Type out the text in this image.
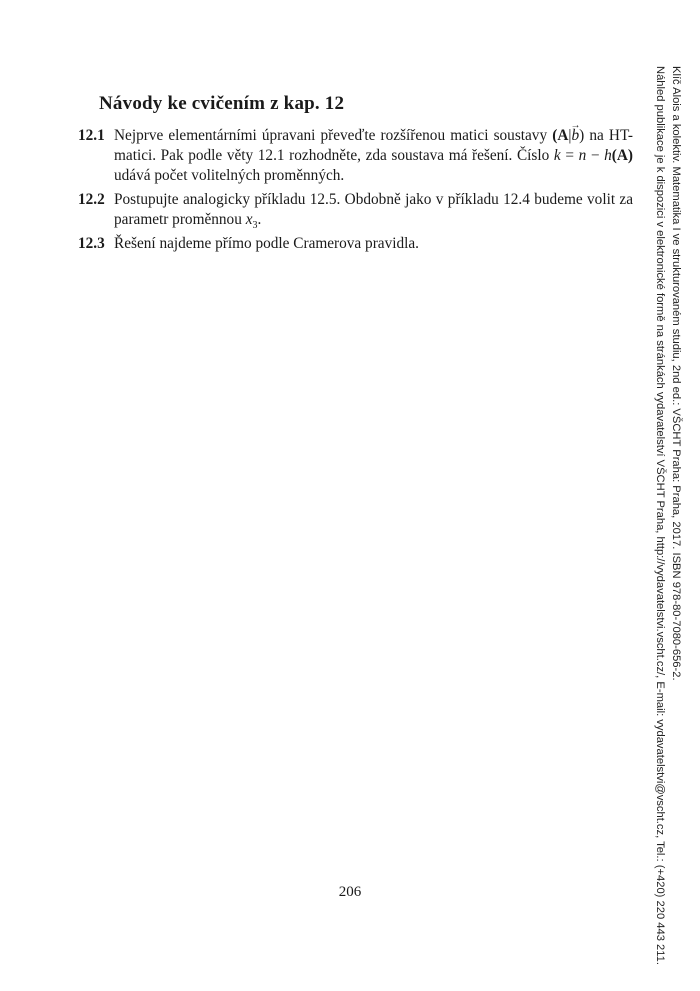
Návody ke cvičením z kap. 12
12.1 Nejprve elementárními úpravani převeďte rozšířenou matici soustavy (A|→ b) na HT-matici. Pak podle věty 12.1 rozhodněte, zda soustava má řešení. Číslo k = n − h(A) udává počet volitelných proměnných.
12.2 Postupujte analogicky příkladu 12.5. Obdobně jako v příkladu 12.4 budeme volit za parametr proměnnou $x_3$.
12.3 Řešení najdeme přímo podle Cramerova pravidla.
206
Klíč Alois a kolektiv. Matematika I ve strukturovaném studiu, 2nd ed.: VŠCHT Praha: Praha, 2017. ISBN 978-80-7080-656-2.
Náhled publikace je k dispozici v elektronické formě na stránkách vydavatelství VŠCHT Praha, http://vydavatelstvi.vscht.cz/, E-mail: vydavatelstvi@vscht.cz, Tel.: (+420) 220 443 211.
